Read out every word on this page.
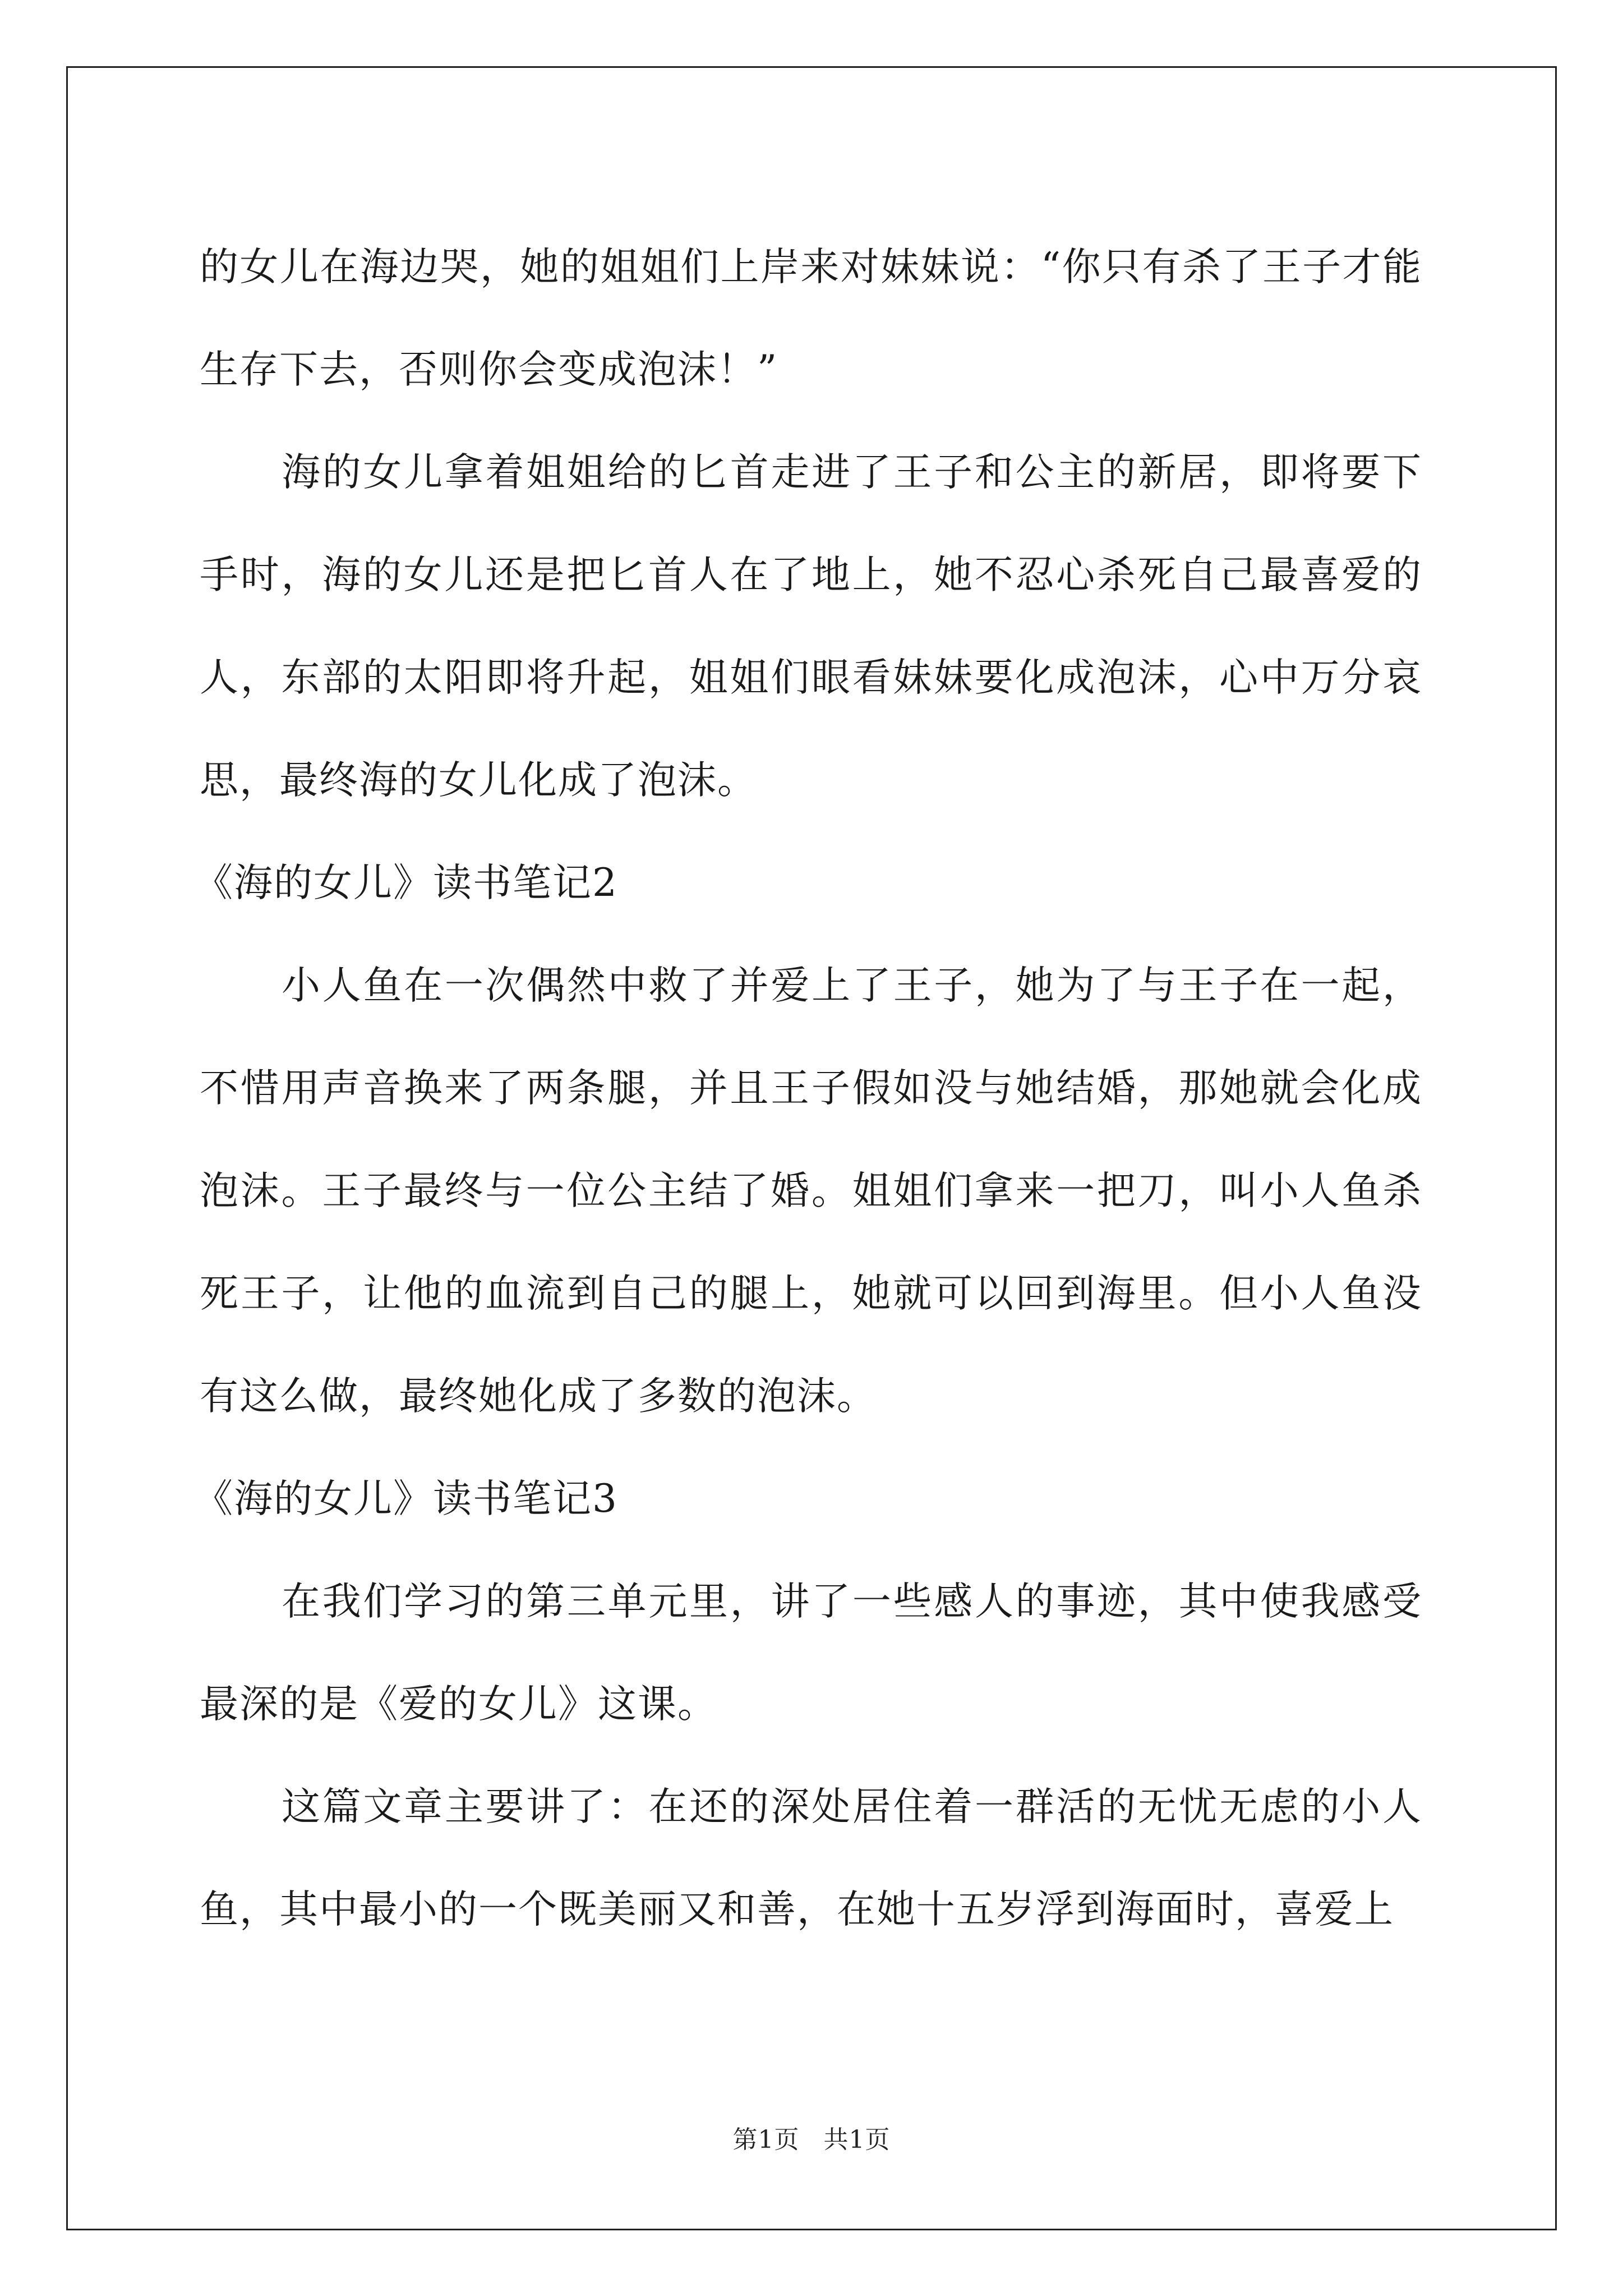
的女儿在海边哭，她的姐姐们上岸来对妹妹说：“你只有杀了王子才能生存下去，否则你会变成泡沫！”

海的女儿拿着姐姐给的匕首走进了王子和公主的新居，即将要下手时，海的女儿还是把匕首人在了地上，她不忍心杀死自己最喜爱的人，东部的太阳即将升起，姐姐们眼看妹妹要化成泡沫，心中万分哀思，最终海的女儿化成了泡沫。

《海的女儿》读书笔记2

小人鱼在一次偶然中救了并爱上了王子，她为了与王子在一起，不惜用声音换来了两条腿，并且王子假如没与她结婚，那她就会化成泡沫。王子最终与一位公主结了婚。姐姐们拿来一把刀，叫小人鱼杀死王子，让他的血流到自己的腿上，她就可以回到海里。但小人鱼没有这么做，最终她化成了多数的泡沫。

《海的女儿》读书笔记3

在我们学习的第三单元里，讲了一些感人的事迹，其中使我感受最深的是《爱的女儿》这课。

这篇文章主要讲了：在还的深处居住着一群活的无忧无虑的小人鱼，其中最小的一个既美丽又和善，在她十五岁浮到海面时，喜爱上

第1页 共1页
